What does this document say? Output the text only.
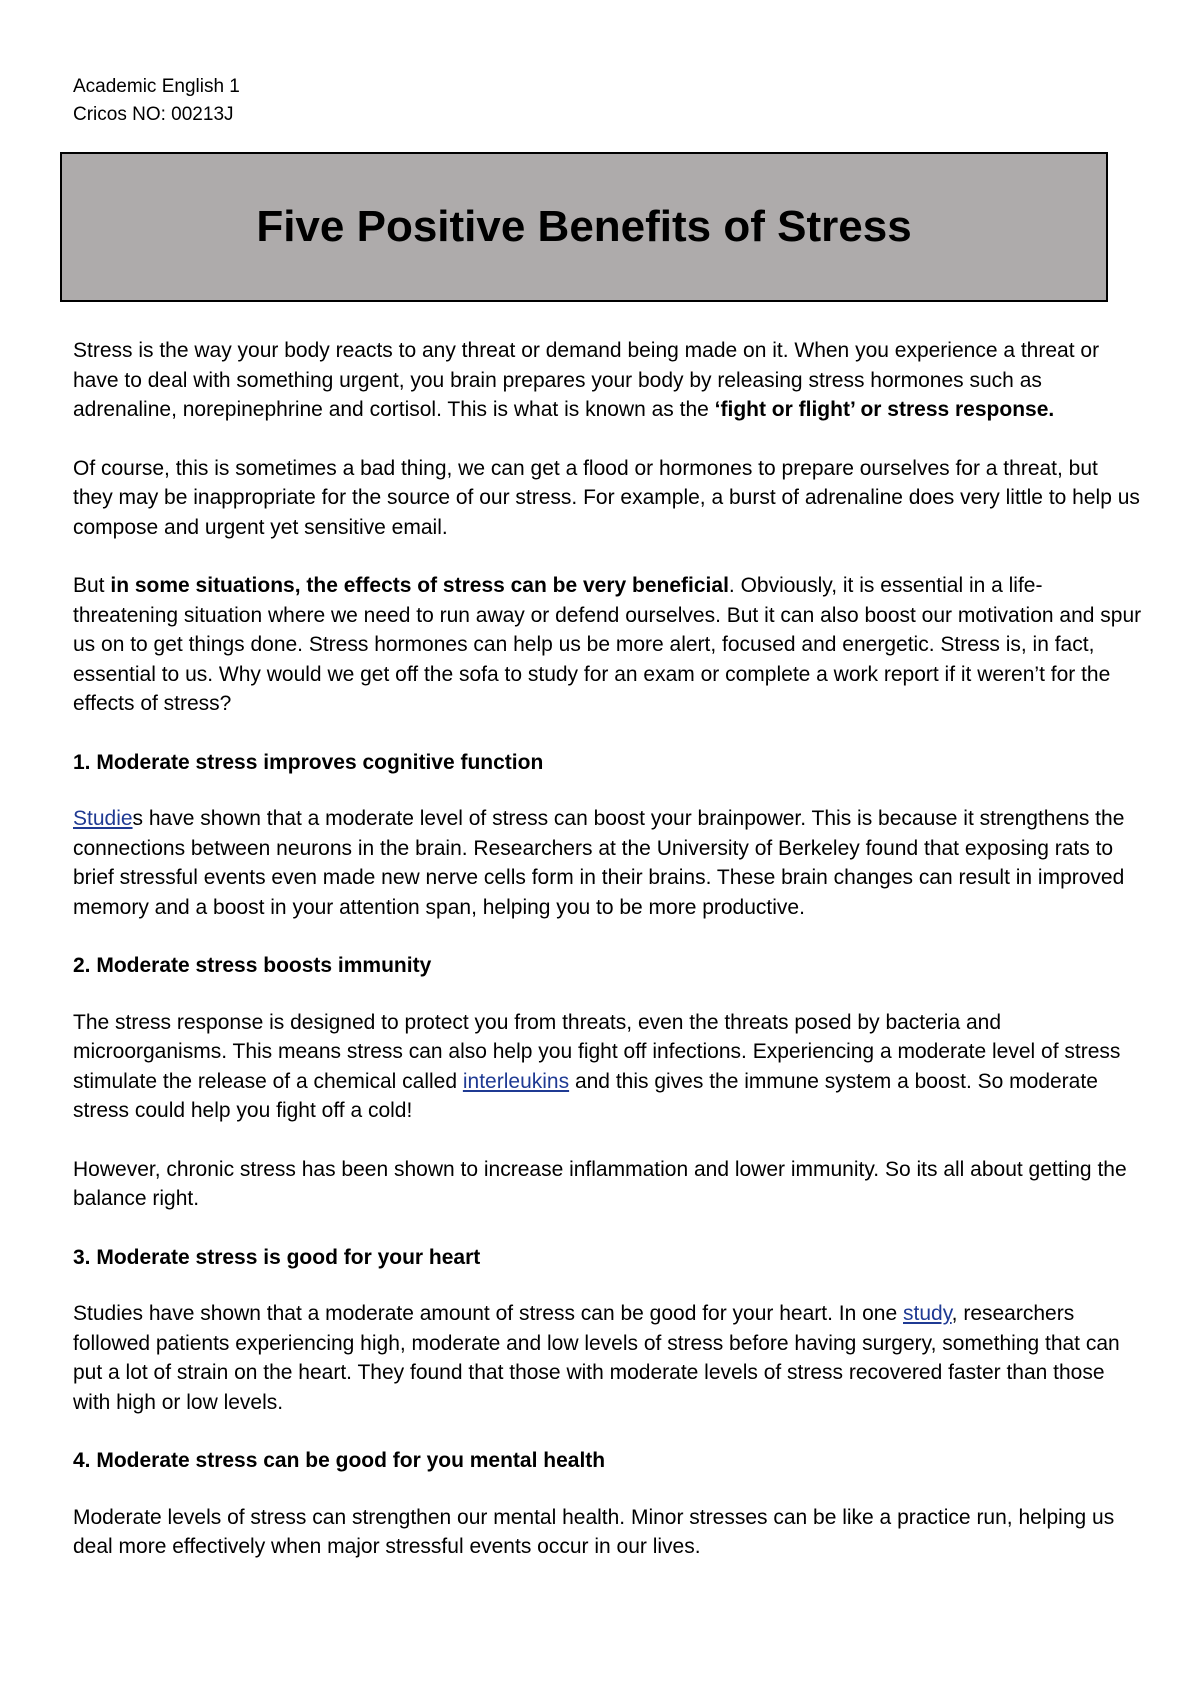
Academic English 1
Cricos NO: 00213J
Five Positive Benefits of Stress

Stress is the way your body reacts to any threat or demand being made on it. When you experience a threat or have to deal with something urgent, you brain prepares your body by releasing stress hormones such as adrenaline, norepinephrine and cortisol. This is what is known as the ‘fight or flight’ or stress response.

Of course, this is sometimes a bad thing, we can get a flood or hormones to prepare ourselves for a threat, but they may be inappropriate for the source of our stress. For example, a burst of adrenaline does very little to help us compose and urgent yet sensitive email.

But in some situations, the effects of stress can be very beneficial. Obviously, it is essential in a life-threatening situation where we need to run away or defend ourselves. But it can also boost our motivation and spur us on to get things done. Stress hormones can help us be more alert, focused and energetic. Stress is, in fact, essential to us. Why would we get off the sofa to study for an exam or complete a work report if it weren’t for the effects of stress?

1. Moderate stress improves cognitive function

Studies have shown that a moderate level of stress can boost your brainpower. This is because it strengthens the connections between neurons in the brain. Researchers at the University of Berkeley found that exposing rats to brief stressful events even made new nerve cells form in their brains. These brain changes can result in improved memory and a boost in your attention span, helping you to be more productive.

2. Moderate stress boosts immunity

The stress response is designed to protect you from threats, even the threats posed by bacteria and microorganisms. This means stress can also help you fight off infections. Experiencing a moderate level of stress stimulate the release of a chemical called interleukins and this gives the immune system a boost. So moderate stress could help you fight off a cold!

However, chronic stress has been shown to increase inflammation and lower immunity. So its all about getting the balance right.

3. Moderate stress is good for your heart

Studies have shown that a moderate amount of stress can be good for your heart. In one study, researchers followed patients experiencing high, moderate and low levels of stress before having surgery, something that can put a lot of strain on the heart. They found that those with moderate levels of stress recovered faster than those with high or low levels.

4. Moderate stress can be good for you mental health

Moderate levels of stress can strengthen our mental health. Minor stresses can be like a practice run, helping us deal more effectively when major stressful events occur in our lives.
